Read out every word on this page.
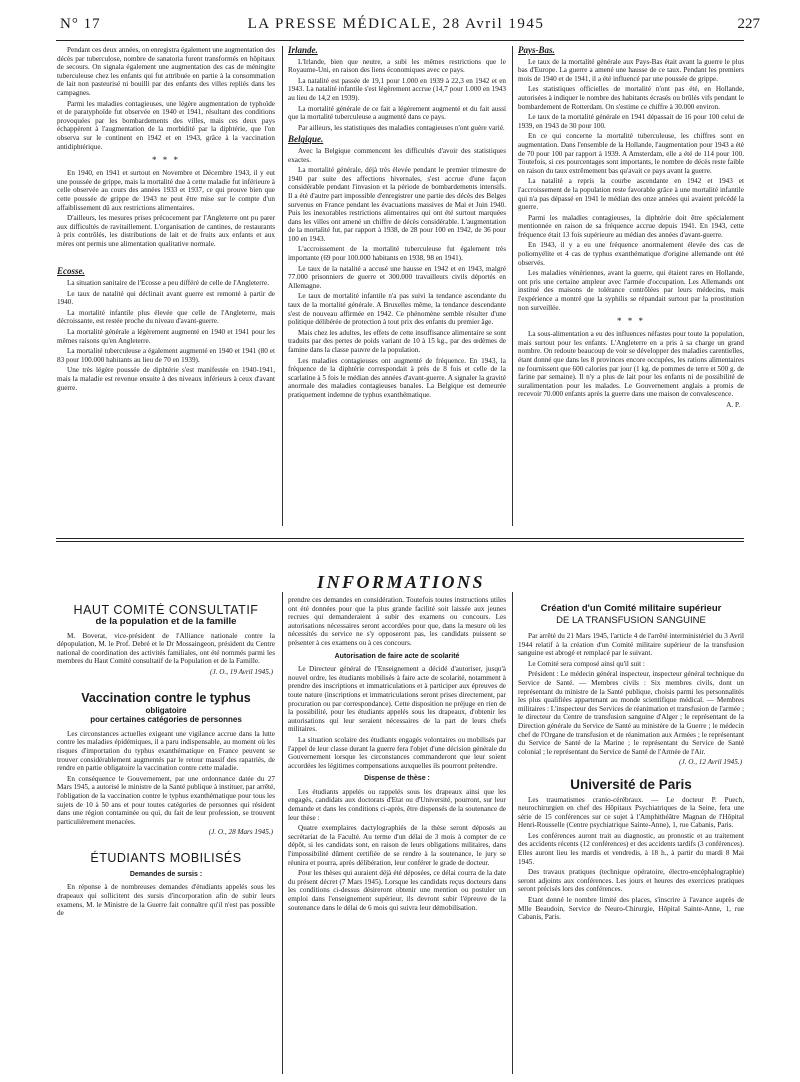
N° 17	LA PRESSE MÉDICALE, 28 Avril 1945	227

Pendant ces deux années, on enregistra également une augmentation des décès par tuberculose, nombre de sanatoria furent transformés en hôpitaux de secours. On signala également une augmentation des cas de méningite tuberculeuse chez les enfants qui fut attribuée en partie à la consommation de lait non pasteurisé ni bouilli par des enfants des villes repliés dans les campagnes.

Parmi les maladies contagieuses, une légère augmentation de typhoïde et de paratyphoïde fut observée en 1940 et 1941, résultant des conditions provoquées par les bombardements des villes, mais ces deux pays échappèrent à l'augmentation de la morbidité par la diphtérie, que l'on observa sur le continent en 1942 et en 1943, grâce à la vaccination antidiphtérique.

* * *

En 1940, en 1941 et surtout en Novembre et Décembre 1943, il y eut une poussée de grippe, mais la mortalité due à cette maladie fut inférieure à celle observée au cours des années 1933 et 1937, ce qui prouve bien que cette poussée de grippe de 1943 ne peut être mise sur le compte d'un affaiblissement dû aux restrictions alimentaires.

D'ailleurs, les mesures prises précocement par l'Angleterre ont pu parer aux difficultés de ravitaillement. L'organisation de cantines, de restaurants à prix contrôlés, les distributions de lait et de fruits aux enfants et aux mères ont permis une alimentation qualitative normale.

Ecosse.

La situation sanitaire de l'Ecosse a peu différé de celle de l'Angleterre.

Le taux de natalité qui déclinait avant guerre est remonté à partir de 1940.

La mortalité infantile plus élevée que celle de l'Angleterre, mais décroissante, est restée proche du niveau d'avant-guerre.

La mortalité générale a légèrement augmenté en 1940 et 1941 pour les mêmes raisons qu'en Angleterre.

La mortalité tuberculeuse a également augmenté en 1940 et 1941 (80 et 83 pour 100.000 habitants au lieu de 70 en 1939).

Une très légère poussée de diphtérie s'est manifestée en 1940-1941, mais la maladie est revenue ensuite à des niveaux inférieurs à ceux d'avant guerre.

Irlande.

L'Irlande, bien que neutre, a subi les mêmes restrictions que le Royaume-Uni, en raison des liens économiques avec ce pays.

La natalité est passée de 19,1 pour 1.000 en 1939 à 22,3 en 1942 et en 1943. La natalité infantile s'est légèrement accrue (14,7 pour 1.000 en 1943 au lieu de 14,2 en 1939).

La mortalité générale de ce fait a légèrement augmenté et du fait aussi que la mortalité tuberculeuse a augmenté dans ce pays.

Par ailleurs, les statistiques des maladies contagieuses n'ont guère varié.

Belgique.

Avec la Belgique commencent les difficultés d'avoir des statistiques exactes.

La mortalité générale, déjà très élevée pendant le premier trimestre de 1940 par suite des affections hivernales, s'est accrue d'une façon considérable pendant l'invasion et la période de bombardements intensifs. Il a été d'autre part impossible d'enregistrer une partie des décès des Belges survenus en France pendant les évacuations massives de Mai et Juin 1940. Puis les inexorables restrictions alimentaires qui ont été surtout marquées dans les villes ont amené un chiffre de décès considérable. L'augmentation de la mortalité fut, par rapport à 1938, de 28 pour 100 en 1942, de 36 pour 100 en 1943.

L'accroissement de la mortalité tuberculeuse fut également très importante (69 pour 100.000 habitants en 1938, 98 en 1941).

Le taux de la natalité a accusé une hausse en 1942 et en 1943, malgré 77.000 prisonniers de guerre et 300.000 travailleurs civils déportés en Allemagne.

Le taux de mortalité infantile n'a pas suivi la tendance ascendante du taux de la mortalité générale. A Bruxelles même, la tendance descendante s'est de nouveau affirmée en 1942. Ce phénomène semble résulter d'une politique délibérée de protection à tout prix des enfants du premier âge.

Mais chez les adultes, les effets de cette insuffisance alimentaire se sont traduits par des pertes de poids variant de 10 à 15 kg., par des œdèmes de famine dans la classe pauvre de la population.

Les maladies contagieuses ont augmenté de fréquence. En 1943, la fréquence de la diphtérie correspondait à près de 8 fois et celle de la scarlatine à 5 fois le médian des années d'avant-guerre. A signaler la gravité anormale des maladies contagieuses banales. La Belgique est demeurée pratiquement indemne de typhus exanthématique.

Pays-Bas.

Le taux de la mortalité générale aux Pays-Bas était avant la guerre le plus bas d'Europe. La guerre a amené une hausse de ce taux. Pendant les premiers mois de 1940 et de 1941, il a été influencé par une poussée de grippe.

Les statistiques officielles de mortalité n'ont pas été, en Hollande, autorisées à indiquer le nombre des habitants écrasés ou brûlés vifs pendant le bombardement de Rotterdam. On s'estime ce chiffre à 30.000 environ.

Le taux de la mortalité générale en 1941 dépassait de 16 pour 100 celui de 1939, en 1943 de 30 pour 100.

En ce qui concerne la mortalité tuberculeuse, les chiffres sont en augmentation. Dans l'ensemble de la Hollande, l'augmentation pour 1943 a été de 70 pour 100 par rapport à 1939. A Amsterdam, elle a été de 114 pour 100. Toutefois, si ces pourcentages sont importants, le nombre de décès reste faible en raison du taux extrêmement bas qu'avait ce pays avant la guerre.

La natalité a repris la courbe ascendante en 1942 et 1943 et l'accroissement de la population reste favorable grâce à une mortalité infantile qui n'a pas dépassé en 1941 le médian des onze années qui avaient précédé la guerre.

Parmi les maladies contagieuses, la diphtérie doit être spécialement mentionnée en raison de sa fréquence accrue depuis 1941. En 1943, cette fréquence était 13 fois supérieure au médian des années d'avant-guerre.

En 1943, il y a eu une fréquence anormalement élevée des cas de poliomyélite et 4 cas de typhus exanthématique d'origine allemande ont été observés.

Les maladies vénériennes, avant la guerre, qui étaient rares en Hollande, ont pris une certaine ampleur avec l'armée d'occupation. Les Allemands ont institué des maisons de tolérance contrôlées par leurs médecins, mais l'expérience a montré que la syphilis se répandait surtout par la prostitution non surveillée.

* * *

La sous-alimentation a eu des influences néfastes pour toute la population, mais surtout pour les enfants. L'Angleterre en a pris à sa charge un grand nombre. On redoute beaucoup de voir se développer des maladies carentielles, étant donné que dans les 8 provinces encore occupées, les rations alimentaires ne fournissent que 600 calories par jour (1 kg. de pommes de terre et 500 g. de farine par semaine). Il n'y a plus de lait pour les enfants ni de possibilité de suralimentation pour les malades. Le Gouvernement anglais a promis de recevoir 70.000 enfants après la guerre dans une maison de convalescence.

A. P.
INFORMATIONS
HAUT COMITÉ CONSULTATIF
de la population et de la famille

M. Boverat, vice-président de l'Alliance nationale contre la dépopulation, M. le Prof. Debré et le Dr Mossaingeon, président du Centre national de coordination des activités familiales, ont été nommés parmi les membres du Haut Comité consultatif de la Population et de la Famille.

(J. O., 19 Avril 1945.)
Vaccination contre le typhus
obligatoire
pour certaines catégories de personnes

Les circonstances actuelles exigeant une vigilance accrue dans la lutte contre les maladies épidémiques, il a paru indispensable, au moment où les risques d'importation du typhus exanthématique en France peuvent se trouver considérablement augmentés par le retour massif des rapatriés, de rendre en partie obligatoire la vaccination contre cette maladie.

En conséquence le Gouvernement, par une ordonnance datée du 27 Mars 1945, a autorisé le ministre de la Santé publique à instituer, par arrêté, l'obligation de la vaccination contre le typhus exanthématique pour tous les sujets de 10 à 50 ans et pour toutes catégories de personnes qui résident dans une région contaminée ou qui, du fait de leur profession, se trouvent particulièrement menacées.

(J. O., 28 Mars 1945.)
ÉTUDIANTS MOBILISÉS
Demandes de sursis :

En réponse à de nombreuses demandes d'étudiants appelés sous les drapeaux qui sollicitent des sursis d'incorporation afin de subir leurs examens, M. le Ministre de la Guerre fait connaître qu'il n'est pas possible de

prendre ces demandes en considération. Toutefois toutes instructions utiles ont été données pour que la plus grande facilité soit laissée aux jeunes recrues qui demanderaient à subir des examens ou concours. Les autorisations nécessaires seront accordées pour que, dans la mesure où les nécessités du service ne s'y opposeront pas, les candidats puissent se présenter à ces examens ou à ces concours.

Autorisation de faire acte de scolarité

Le Directeur général de l'Enseignement a décidé d'autoriser, jusqu'à nouvel ordre, les étudiants mobilisés à faire acte de scolarité, notamment à prendre des inscriptions et immatriculations et à participer aux épreuves de toute nature (inscriptions et immatriculations seront prises directement, par procuration ou par correspondance). Cette disposition ne préjuge en rien de la possibilité, pour les étudiants appelés sous les drapeaux, d'obtenir les autorisations qui leur seraient nécessaires de la part de leurs chefs militaires.

La situation scolaire des étudiants engagés volontaires ou mobilisés par l'appel de leur classe durant la guerre fera l'objet d'une décision générale du Gouvernement lorsque les circonstances commanderont que leur soient accordées les légitimes compensations auxquelles ils pourront prétendre.

Dispense de thèse :

Les étudiants appelés ou rappelés sous les drapeaux ainsi que les engagés, candidats aux doctorats d'Etat ou d'Université, pourront, sur leur demande et dans les conditions ci-après, être dispensés de la soutenance de leur thèse :

Quatre exemplaires dactylographiés de la thèse seront déposés au secrétariat de la Faculté. Au terme d'un délai de 3 mois à compter de ce dépôt, si les candidats sont, en raison de leurs obligations militaires, dans l'impossibilité dûment certifiée de se rendre à la soutenance, le jury se réunira et pourra, après délibération, leur conférer le grade de docteur.

Pour les thèses qui auraient déjà été déposées, ce délai courra de la date du présent décret (7 Mars 1945). Lorsque les candidats reçus docteurs dans les conditions ci-dessus désireront obtenir une mention ou postuler un emploi dans l'enseignement supérieur, ils devront subir l'épreuve de la soutenance dans le délai de 6 mois qui suivra leur démobilisation.

Création d'un Comité militaire supérieur
DE LA TRANSFUSION SANGUINE

Par arrêté du 21 Mars 1945, l'article 4 de l'arrêté interministériel du 3 Avril 1944 relatif à la création d'un Comité militaire supérieur de la transfusion sanguine est abrogé et remplacé par le suivant.

Le Comité sera composé ainsi qu'il suit :

Président : Le médecin général inspecteur, inspecteur général technique du Service de Santé. — Membres civils : Six membres civils, dont un représentant du ministre de la Santé publique, choisis parmi les personnalités les plus qualifiées appartenant au monde scientifique médical. — Membres militaires : L'inspecteur des Services de réanimation et transfusion de l'armée ; le directeur du Centre de transfusion sanguine d'Alger ; le représentant de la Direction générale du Service de Santé au ministère de la Guerre ; le médecin chef de l'Organe de transfusion et de réanimation aux Armées ; le représentant du Service de Santé de la Marine ; le représentant du Service de Santé colonial ; le représentant du Service de Santé de l'Armée de l'Air.

(J. O., 12 Avril 1945.)
Université de Paris

Les traumatismes cranio-cérébraux. — Le docteur P. Puech, neurochirurgien en chef des Hôpitaux Psychiatriques de la Seine, fera une série de 15 conférences sur ce sujet à l'Amphithéâtre Magnan de l'Hôpital Henri-Rousselle (Centre psychiatrique Sainte-Anne), 1, rue Cabanis, Paris.

Les conférences auront trait au diagnostic, au pronostic et au traitement des accidents récents (12 conférences) et des accidents tardifs (3 conférences). Elles auront lieu les mardis et vendredis, à 18 h., à partir du mardi 8 Mai 1945.

Des travaux pratiques (technique opératoire, électro-encéphalographie) seront adjoints aux conférences. Les jours et heures des exercices pratiques seront précisés lors des conférences.

Etant donné le nombre limité des places, s'inscrire à l'avance auprès de Mlle Beaudoin, Service de Neuro-Chirurgie, Hôpital Sainte-Anne, 1, rue Cabanis, Paris.
